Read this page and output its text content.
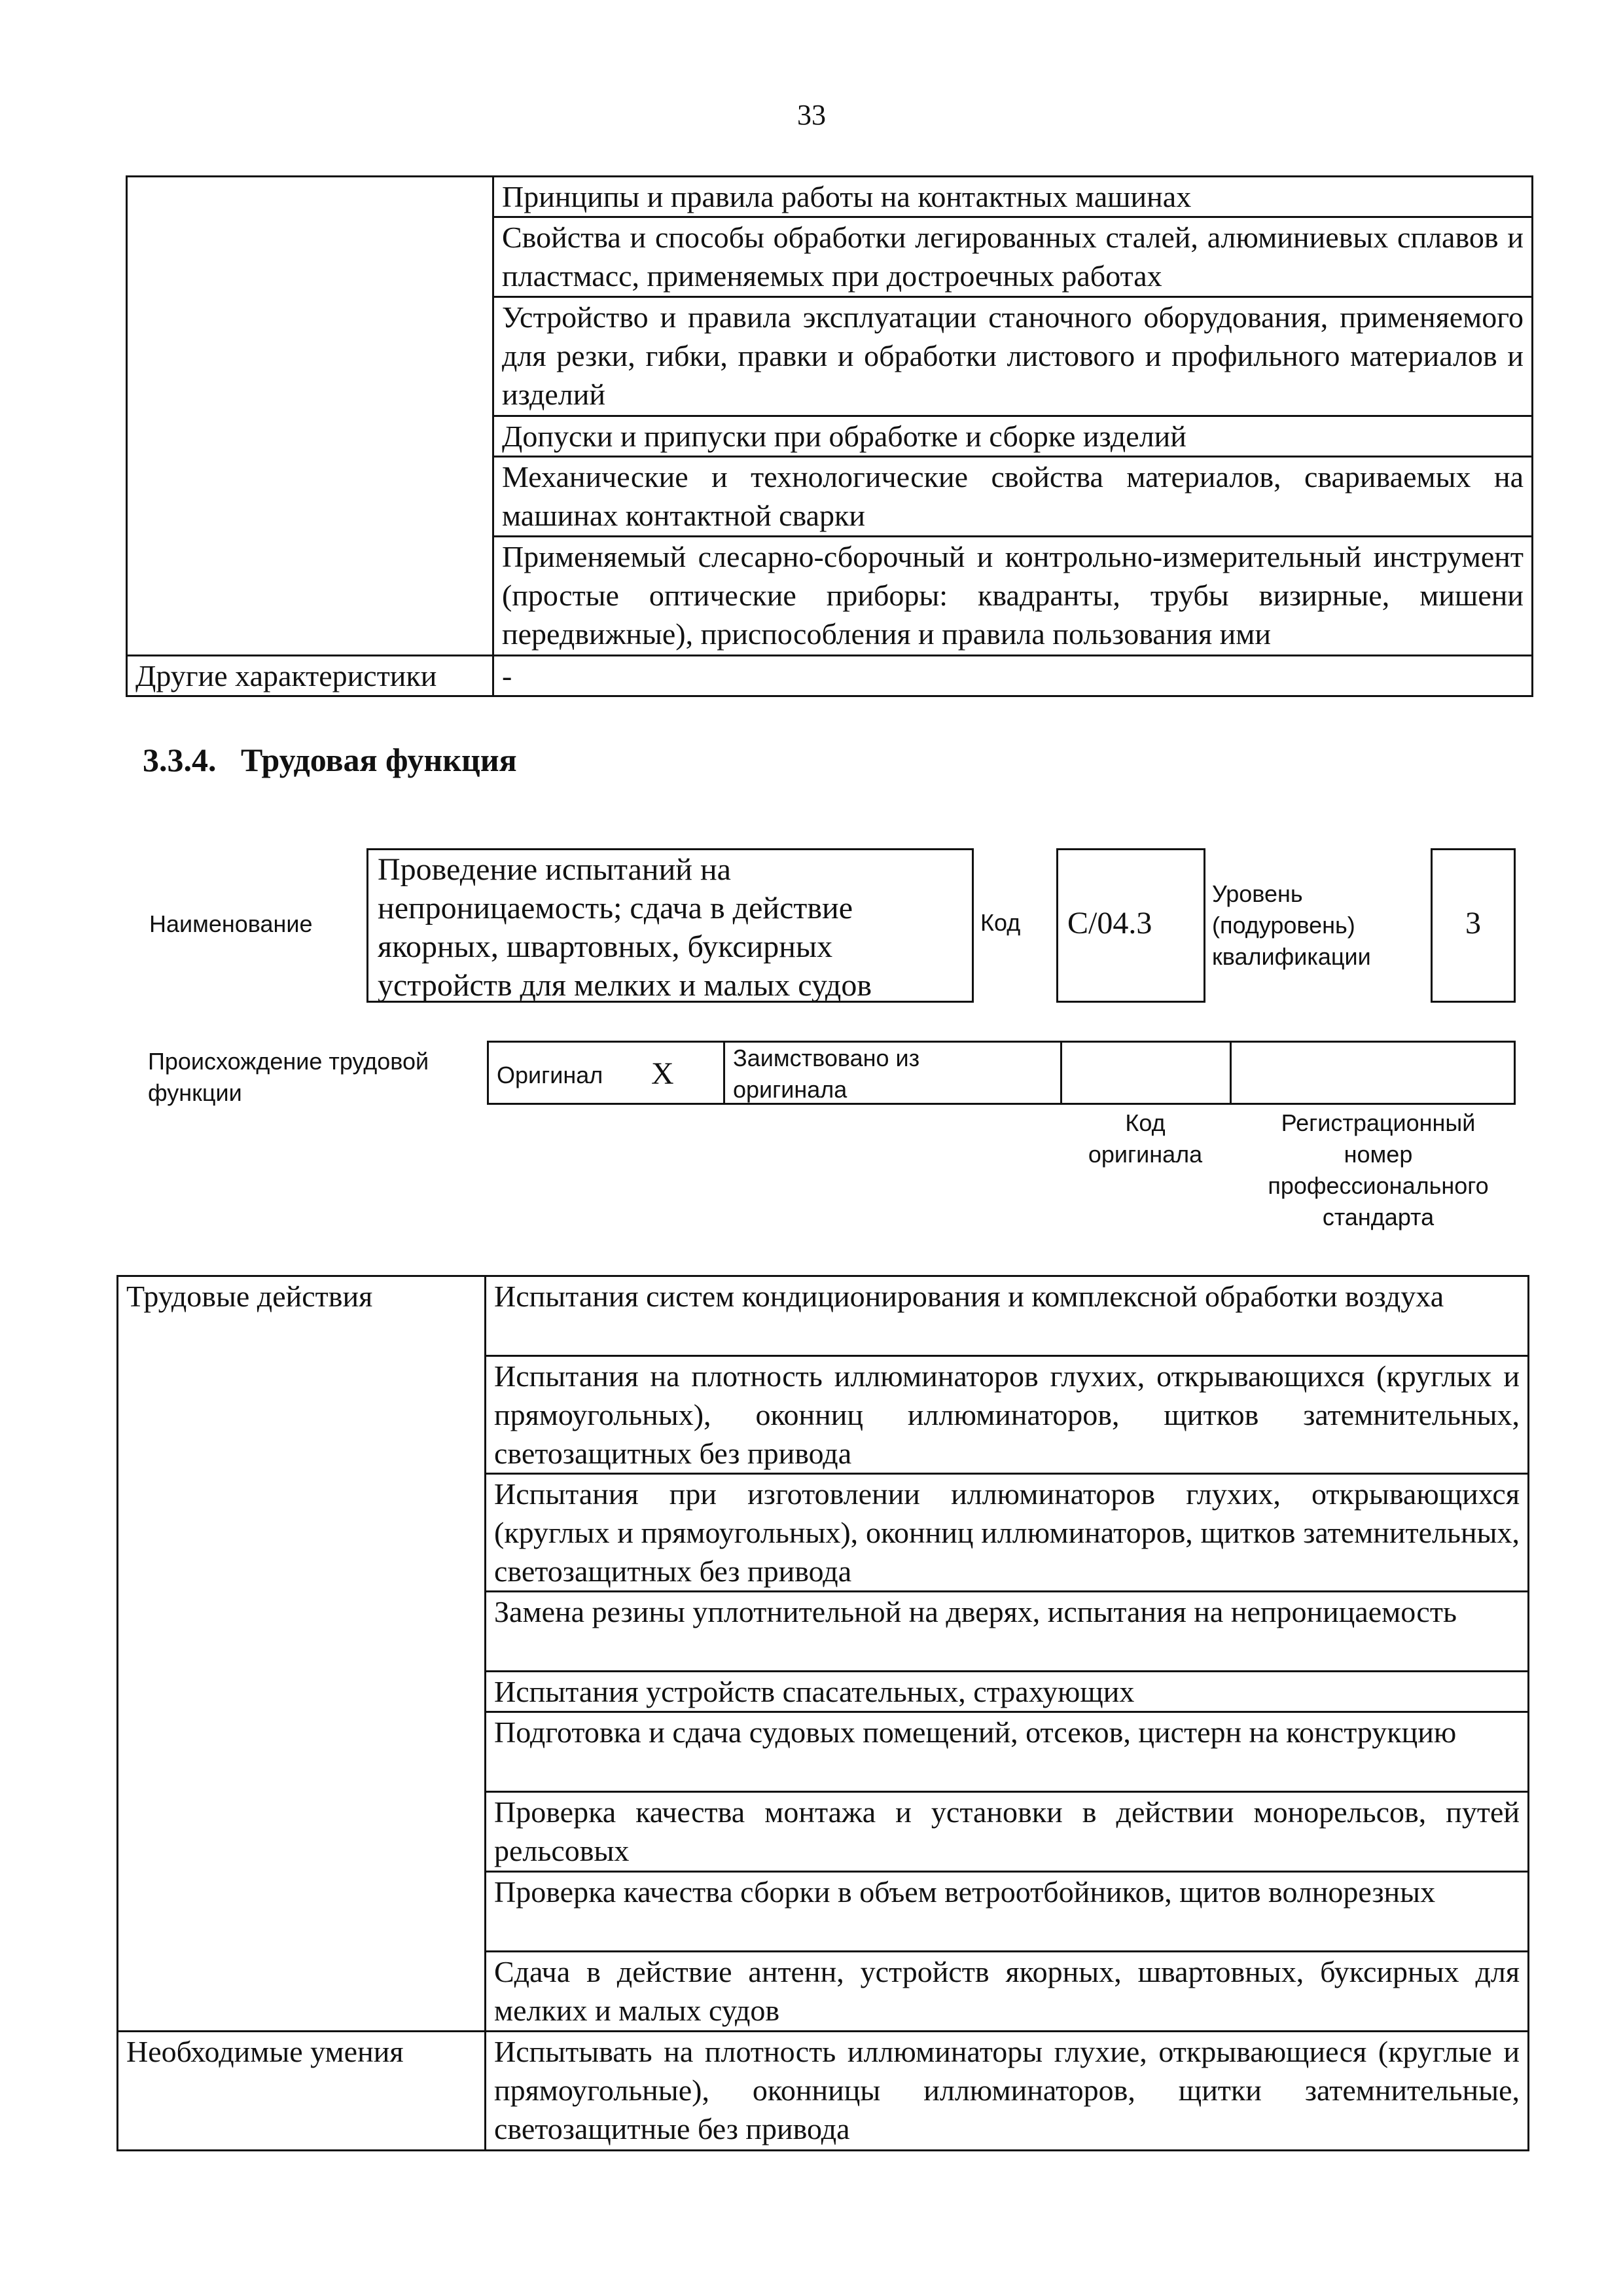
33
	Принципы и правила работы на контактных машинах
	Свойства и способы обработки легированных сталей, алюминиевых сплавов и пластмасс, применяемых при достроечных работах
	Устройство и правила эксплуатации станочного оборудования, применяемого для резки, гибки, правки и обработки листового и профильного материалов и изделий
	Допуски и припуски при обработке и сборке изделий
	Механические и технологические свойства материалов, свариваемых на машинах контактной сварки
	Применяемый слесарно-сборочный и контрольно-измерительный инструмент (простые оптические приборы: квадранты, трубы визирные, мишени передвижные), приспособления и правила пользования ими
Другие характеристики	-
3.3.4.   Трудовая функция
Наименование
Проведение испытаний на непроницаемость; сдача в действие якорных, швартовных, буксирных устройств для мелких и малых судов
Код	C/04.3
Уровень (подуровень) квалификации
3
Происхождение трудовой функции
Оригинал X	Заимствовано из оригинала
Код оригинала
Регистрационный номер профессионального стандарта
Трудовые действия	Испытания систем кондиционирования и комплексной обработки воздуха
	Испытания на плотность иллюминаторов глухих, открывающихся (круглых и прямоугольных), оконниц иллюминаторов, щитков затемнительных, светозащитных без привода
	Испытания при изготовлении иллюминаторов глухих, открывающихся (круглых и прямоугольных), оконниц иллюминаторов, щитков затемнительных, светозащитных без привода
	Замена резины уплотнительной на дверях, испытания на непроницаемость
	Испытания устройств спасательных, страхующих
	Подготовка и сдача судовых помещений, отсеков, цистерн на конструкцию
	Проверка качества монтажа и установки в действии монорельсов, путей рельсовых
	Проверка качества сборки в объем ветроотбойников, щитов волнорезных
	Сдача в действие антенн, устройств якорных, швартовных, буксирных для мелких и малых судов
Необходимые умения	Испытывать на плотность иллюминаторы глухие, открывающиеся (круглые и прямоугольные), оконницы иллюминаторов, щитки затемнительные, светозащитные без привода
